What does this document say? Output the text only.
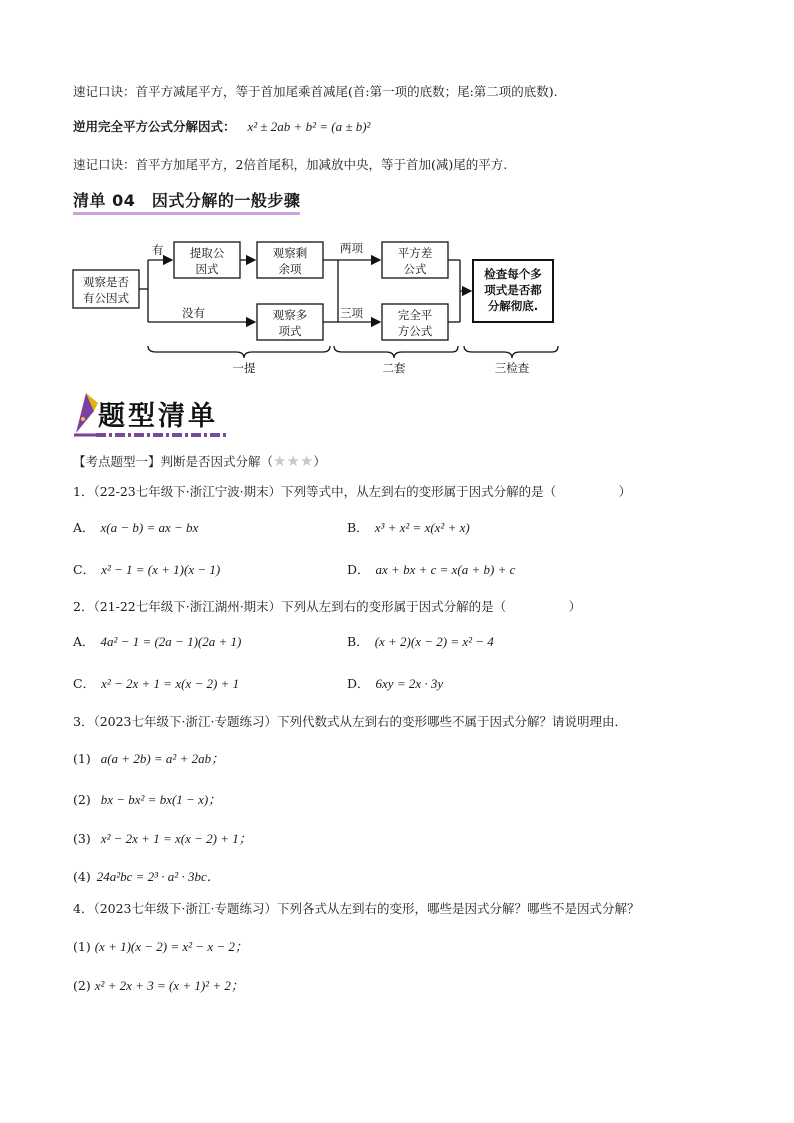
速记口诀：首平方减尾平方，等于首加尾乘首减尾(首:第一项的底数；尾:第二项的底数).
逆用完全平方公式分解因式： x² ± 2ab + b² = (a ± b)²
速记口诀：首平方加尾平方，2倍首尾积，加减放中央，等于首加(减)尾的平方.
清单 04　因式分解的一般步骤
观察是否
有公因式
有
没有
提取公
因式
观察剩
余项
观察多
项式
两项
三项
平方差
公式
完全平
方公式
检查每个多
项式是否都
分解彻底.
一提	二套	三检查
题型清单
【考点题型一】判断是否因式分解（★★★）
1．（22-23七年级下·浙江宁波·期末）下列等式中，从左到右的变形属于因式分解的是（　　　　　）
A． x(a − b) = ax − bx	B． x³ + x² = x(x² + x)
C． x² − 1 = (x + 1)(x − 1)	D． ax + bx + c = x(a + b) + c
2．（21-22七年级下·浙江湖州·期末）下列从左到右的变形属于因式分解的是（　　　　　）
A． 4a² − 1 = (2a − 1)(2a + 1)	B． (x + 2)(x − 2) = x² − 4
C． x² − 2x + 1 = x(x − 2) + 1	D． 6xy = 2x · 3y
3．（2023七年级下·浙江·专题练习）下列代数式从左到右的变形哪些不属于因式分解？请说明理由．
(1) a(a + 2b) = a² + 2ab；
(2) bx − bx² = bx(1 − x)；
(3) x² − 2x + 1 = x(x − 2) + 1；
(4) 24a²bc = 2³ · a² · 3bc．
4．（2023七年级下·浙江·专题练习）下列各式从左到右的变形，哪些是因式分解？哪些不是因式分解？
(1) (x + 1)(x − 2) = x² − x − 2；
(2) x² + 2x + 3 = (x + 1)² + 2；
